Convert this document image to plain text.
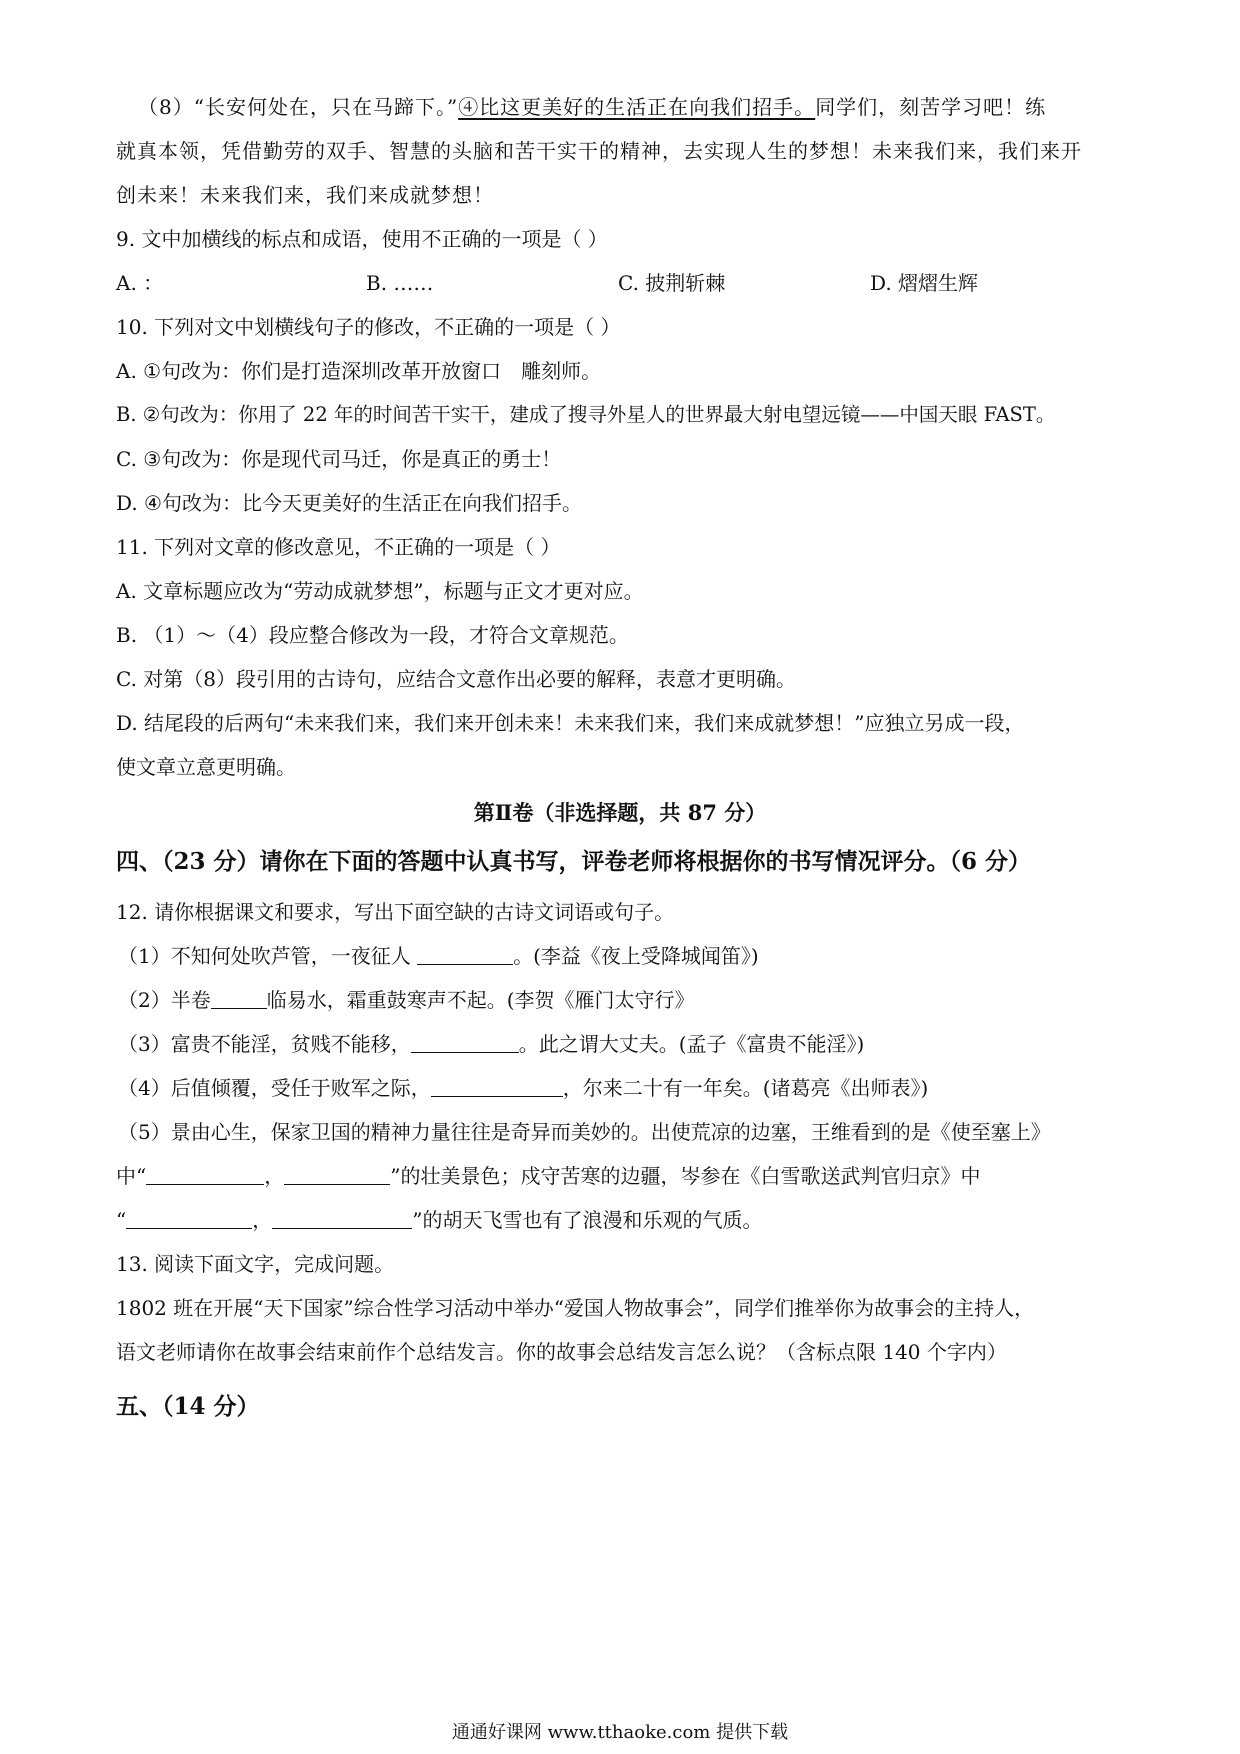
（8）“长安何处在，只在马蹄下。”④比这更美好的生活正在向我们招手。同学们，刻苦学习吧！练
就真本领，凭借勤劳的双手、智慧的头脑和苦干实干的精神，去实现人生的梦想！未来我们来，我们来开
创未来！未来我们来，我们来成就梦想！
9. 文中加横线的标点和成语，使用不正确的一项是（ ）
A. ：	B. ……	C. 披荆斩棘	D. 熠熠生辉
10. 下列对文中划横线句子的修改，不正确的一项是（ ）
A. ①句改为：你们是打造深圳改革开放窗口　雕刻师。
B. ②句改为：你用了 22 年的时间苦干实干，建成了搜寻外星人的世界最大射电望远镜——中国天眼 FAST。
C. ③句改为：你是现代司马迁，你是真正的勇士！
D. ④句改为：比今天更美好的生活正在向我们招手。
11. 下列对文章的修改意见，不正确的一项是（ ）
A. 文章标题应改为“劳动成就梦想”，标题与正文才更对应。
B. （1）～（4）段应整合修改为一段，才符合文章规范。
C. 对第（8）段引用的古诗句，应结合文意作出必要的解释，表意才更明确。
D. 结尾段的后两句“未来我们来，我们来开创未来！未来我们来，我们来成就梦想！”应独立另成一段，
使文章立意更明确。
第Ⅱ卷（非选择题，共 87 分）
四、（23 分）请你在下面的答题中认真书写，评卷老师将根据你的书写情况评分。（6 分）
12. 请你根据课文和要求，写出下面空缺的古诗文词语或句子。
（1）不知何处吹芦管，一夜征人	。(李益《夜上受降城闻笛》)
（2）半卷	临易水，霜重鼓寒声不起。(李贺《雁门太守行》
（3）富贵不能淫，贫贱不能移，	。此之谓大丈夫。(孟子《富贵不能淫》)
（4）后值倾覆，受任于败军之际，	，尔来二十有一年矣。(诸葛亮《出师表》)
（5）景由心生，保家卫国的精神力量往往是奇异而美妙的。出使荒凉的边塞，王维看到的是《使至塞上》
中“	，	”的壮美景色；戍守苦寒的边疆，岑参在《白雪歌送武判官归京》中
“	，	”的胡天飞雪也有了浪漫和乐观的气质。
13. 阅读下面文字，完成问题。
1802 班在开展“天下国家”综合性学习活动中举办“爱国人物故事会”，同学们推举你为故事会的主持人，
语文老师请你在故事会结束前作个总结发言。你的故事会总结发言怎么说？（含标点限 140 个字内）
五、（14 分）
通通好课网 www.tthaoke.com 提供下载
